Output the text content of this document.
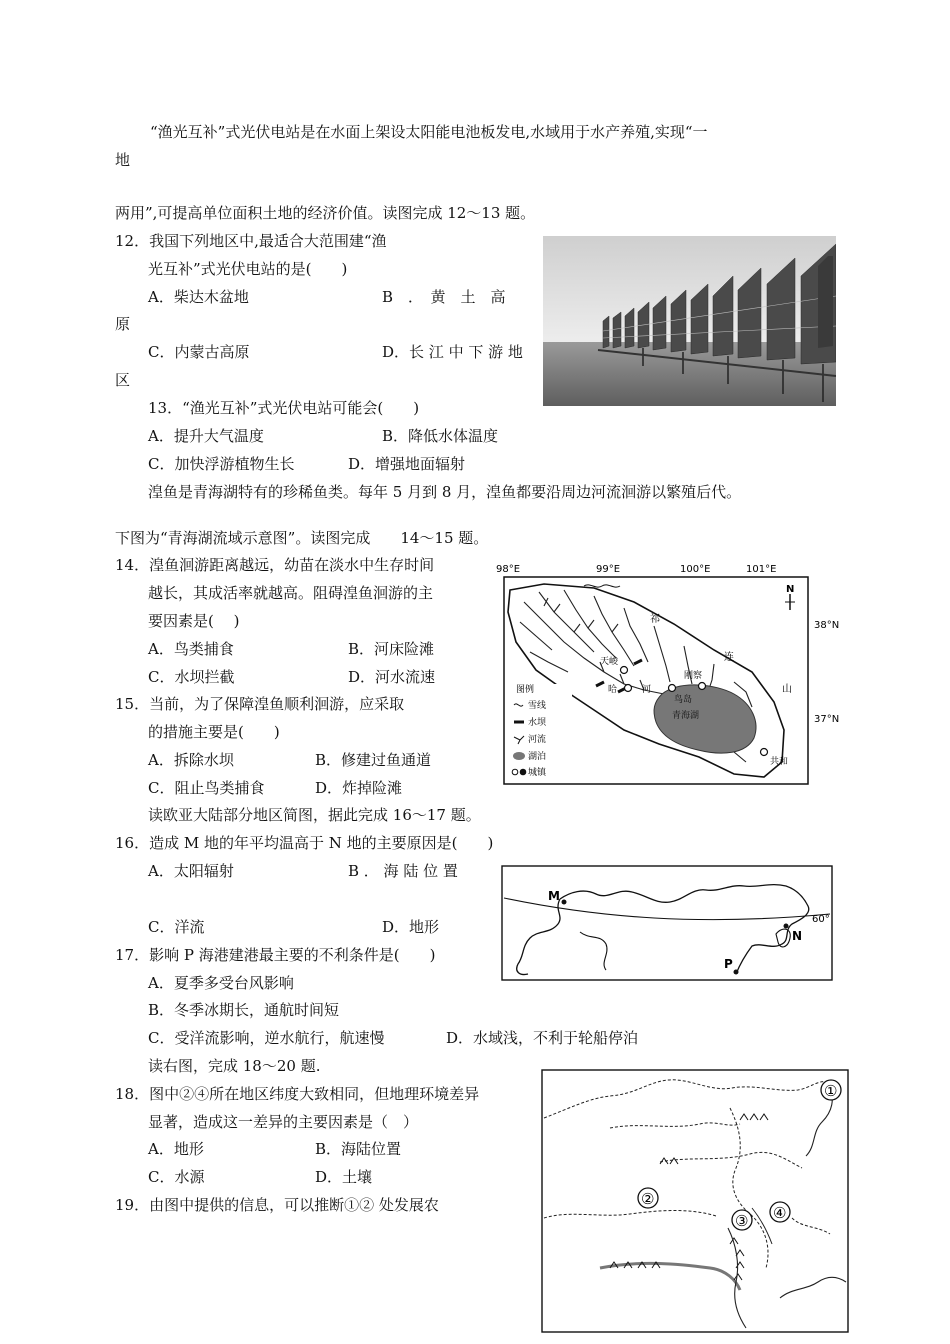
“渔光互补”式光伏电站是在水面上架设太阳能电池板发电,水域用于水产养殖,实现“一
地
两用”,可提高单位面积土地的经济价值。读图完成 12～13 题。
12．我国下列地区中,最适合大范围建“渔
光互补”式光伏电站的是(　　)
A．柴达木盆地	B　．　黄　土　高
原
C．内蒙古高原	D．长 江 中 下 游 地
区
13．“渔光互补”式光伏电站可能会(　　)
A．提升大气温度	B．降低水体温度
C．加快浮游植物生长	D．增强地面辐射
湟鱼是青海湖特有的珍稀鱼类。每年 5 月到 8 月，湟鱼都要沿周边河流洄游以繁殖后代。
下图为“青海湖流域示意图”。读图完成　　14～15 题。
14．湟鱼洄游距离越远，幼苗在淡水中生存时间
越长，其成活率就越高。阻碍湟鱼洄游的主
要因素是(　 )
A．鸟类捕食	B．河床险滩
C．水坝拦截	D．河水流速
15．当前，为了保障湟鱼顺利洄游，应采取
的措施主要是(　　)
A．拆除水坝	B．修建过鱼通道
C．阻止鸟类捕食	D．炸掉险滩
98°E	99°E	100°E	101°E
38°N
37°N
N
祁
连
山
天峻
哈	河
刚察
鸟岛
青海湖
共和
图例
雪线
水坝
河流
湖泊
城镇
读欧亚大陆部分地区简图，据此完成 16～17 题。
16．造成 M 地的年平均温高于 N 地的主要原因是(　　)
A．太阳辐射	B ． 海 陆 位 置
C．洋流	D．地形
M
N
P
60°
17．影响 P 海港建港最主要的不利条件是(　　)
A．夏季多受台风影响
B．冬季冰期长，通航时间短
C．受洋流影响，逆水航行，航速慢	D．水域浅，不利于轮船停泊
读右图，完成 18～20 题.
18．图中②④所在地区纬度大致相同，但地理环境差异
显著，造成这一差异的主要因素是（　）
A．地形	B．海陆位置
C．水源	D．土壤
19．由图中提供的信息，可以推断①② 处发展农
①
②
③ ④
